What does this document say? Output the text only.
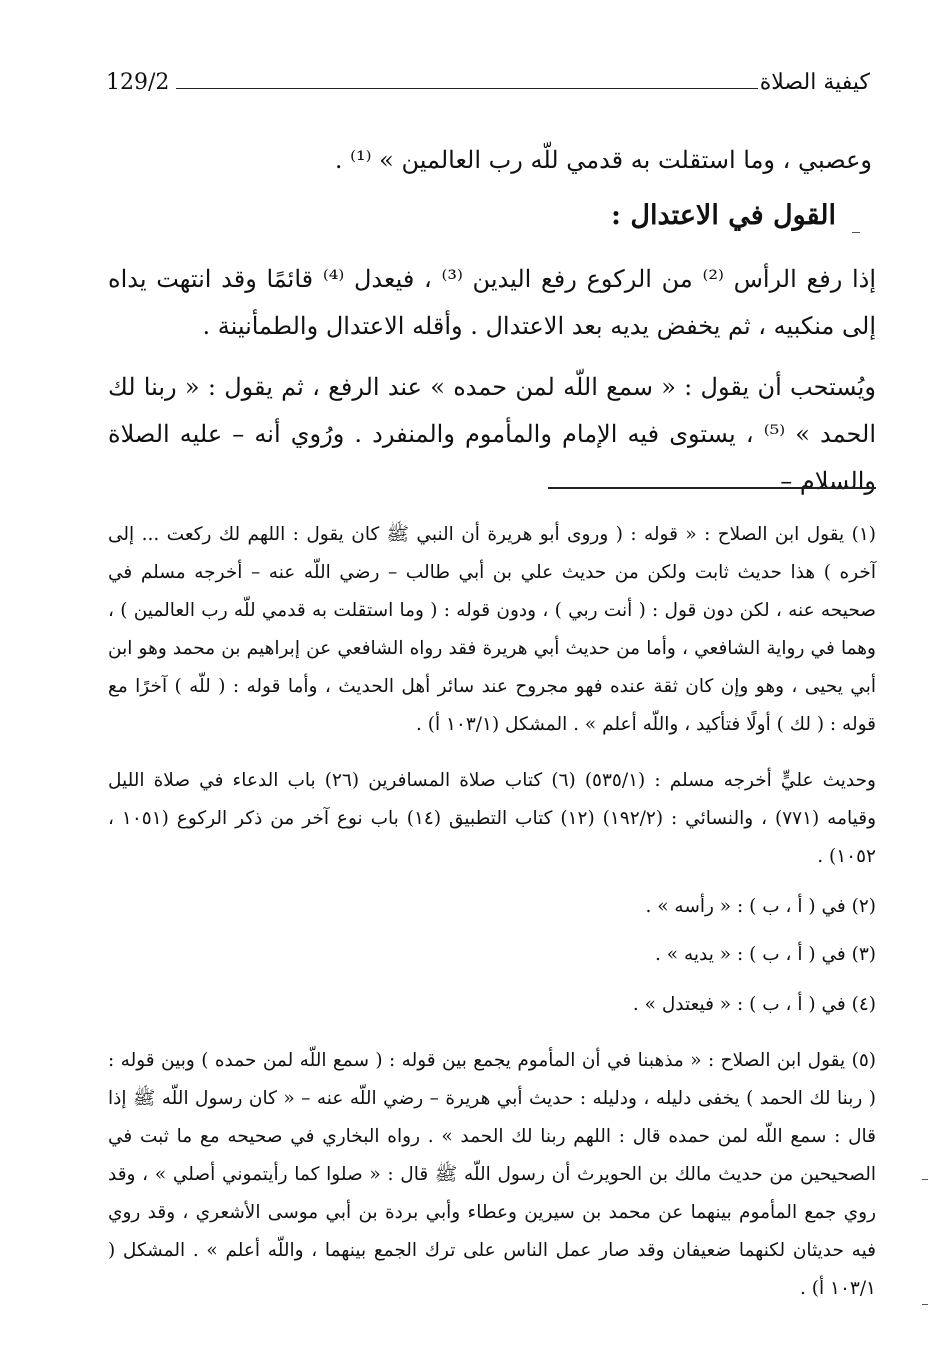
كيفية الصلاة
129/2
وعصبي ، وما استقلت به قدمي للّه رب العالمين » ⁽¹⁾ .
القول في الاعتدال :
إذا رفع الرأس ⁽²⁾ من الركوع رفع اليدين ⁽³⁾ ، فيعدل ⁽⁴⁾ قائمًا وقد انتهت يداه إلى منكبيه ، ثم يخفض يديه بعد الاعتدال . وأقله الاعتدال والطمأنينة .
ويُستحب أن يقول : « سمع اللّه لمن حمده » عند الرفع ، ثم يقول : « ربنا لك الحمد » ⁽⁵⁾ ، يستوى فيه الإمام والمأموم والمنفرد . ورُوي أنه – عليه الصلاة والسلام –
(١) يقول ابن الصلاح : « قوله : ( وروى أبو هريرة أن النبي ﷺ كان يقول : اللهم لك ركعت ... إلى آخره ) هذا حديث ثابت ولكن من حديث علي بن أبي طالب – رضي اللّه عنه – أخرجه مسلم في صحيحه عنه ، لكن دون قول : ( أنت ربي ) ، ودون قوله : ( وما استقلت به قدمي للّه رب العالمين ) ، وهما في رواية الشافعي ، وأما من حديث أبي هريرة فقد رواه الشافعي عن إبراهيم بن محمد وهو ابن أبي يحيى ، وهو وإن كان ثقة عنده فهو مجروح عند سائر أهل الحديث ، وأما قوله : ( للّه ) آخرًا مع قوله : ( لك ) أولًا فتأكيد ، واللّه أعلم » . المشكل (١٠٣/١ أ) .
وحديث عليٍّ أخرجه مسلم : (٥٣٥/١) (٦) كتاب صلاة المسافرين (٢٦) باب الدعاء في صلاة الليل وقيامه (٧٧١) ، والنسائي : (١٩٢/٢) (١٢) كتاب التطبيق (١٤) باب نوع آخر من ذكر الركوع (١٠٥١ ، ١٠٥٢) .
(٢) في ( أ ، ب ) : « رأسه » .
(٣) في ( أ ، ب ) : « يديه » .
(٤) في ( أ ، ب ) : « فيعتدل » .
(٥) يقول ابن الصلاح : « مذهبنا في أن المأموم يجمع بين قوله : ( سمع اللّه لمن حمده ) وبين قوله : ( ربنا لك الحمد ) يخفى دليله ، ودليله : حديث أبي هريرة – رضي اللّه عنه – « كان رسول اللّه ﷺ إذا قال : سمع اللّه لمن حمده قال : اللهم ربنا لك الحمد » . رواه البخاري في صحيحه مع ما ثبت في الصحيحين من حديث مالك بن الحويرث أن رسول اللّه ﷺ قال : « صلوا كما رأيتموني أصلي » ، وقد روي جمع المأموم بينهما عن محمد بن سيرين وعطاء وأبي بردة بن أبي موسى الأشعري ، وقد روي فيه حديثان لكنهما ضعيفان وقد صار عمل الناس على ترك الجمع بينهما ، واللّه أعلم » . المشكل ( ١٠٣/١ أ) .
